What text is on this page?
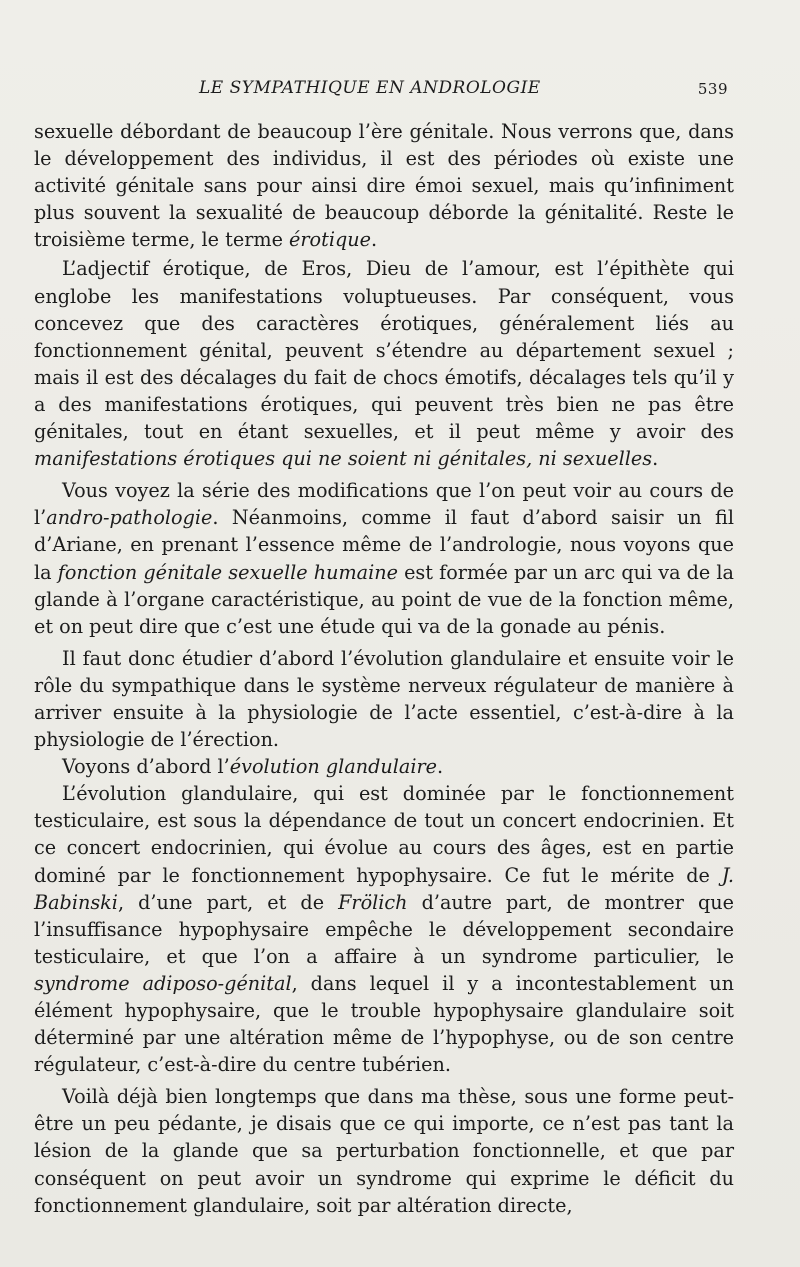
LE SYMPATHIQUE EN ANDROLOGIE	539

sexuelle débordant de beaucoup l’ère génitale. Nous verrons que, dans le développement des individus, il est des périodes où existe une activité génitale sans pour ainsi dire émoi sexuel, mais qu’infiniment plus souvent la sexualité de beaucoup déborde la génitalité. Reste le troisième terme, le terme érotique.

L’adjectif érotique, de Eros, Dieu de l’amour, est l’épithète qui englobe les manifestations voluptueuses. Par conséquent, vous concevez que des caractères érotiques, généralement liés au fonctionnement génital, peuvent s’étendre au département sexuel ; mais il est des décalages du fait de chocs émotifs, décalages tels qu’il y a des manifestations érotiques, qui peuvent très bien ne pas être génitales, tout en étant sexuelles, et il peut même y avoir des manifestations érotiques qui ne soient ni génitales, ni sexuelles.

Vous voyez la série des modifications que l’on peut voir au cours de l’andro-pathologie. Néanmoins, comme il faut d’abord saisir un fil d’Ariane, en prenant l’essence même de l’andrologie, nous voyons que la fonction génitale sexuelle humaine est formée par un arc qui va de la glande à l’organe caractéristique, au point de vue de la fonction même, et on peut dire que c’est une étude qui va de la gonade au pénis.

Il faut donc étudier d’abord l’évolution glandulaire et ensuite voir le rôle du sympathique dans le système nerveux régulateur de manière à arriver ensuite à la physiologie de l’acte essentiel, c’est-à-dire à la physiologie de l’érection.

Voyons d’abord l’évolution glandulaire.

L’évolution glandulaire, qui est dominée par le fonctionnement testiculaire, est sous la dépendance de tout un concert endocrinien. Et ce concert endocrinien, qui évolue au cours des âges, est en partie dominé par le fonctionnement hypophysaire. Ce fut le mérite de J. Babinski, d’une part, et de Frölich d’autre part, de montrer que l’insuffisance hypophysaire empêche le développement secondaire testiculaire, et que l’on a affaire à un syndrome particulier, le syndrome adiposo-génital, dans lequel il y a incontestablement un élément hypophysaire, que le trouble hypophysaire glandulaire soit déterminé par une altération même de l’hypophyse, ou de son centre régulateur, c’est-à-dire du centre tubérien.

Voilà déjà bien longtemps que dans ma thèse, sous une forme peut-être un peu pédante, je disais que ce qui importe, ce n’est pas tant la lésion de la glande que sa perturbation fonctionnelle, et que par conséquent on peut avoir un syndrome qui exprime le déficit du fonctionnement glandulaire, soit par altération directe,
